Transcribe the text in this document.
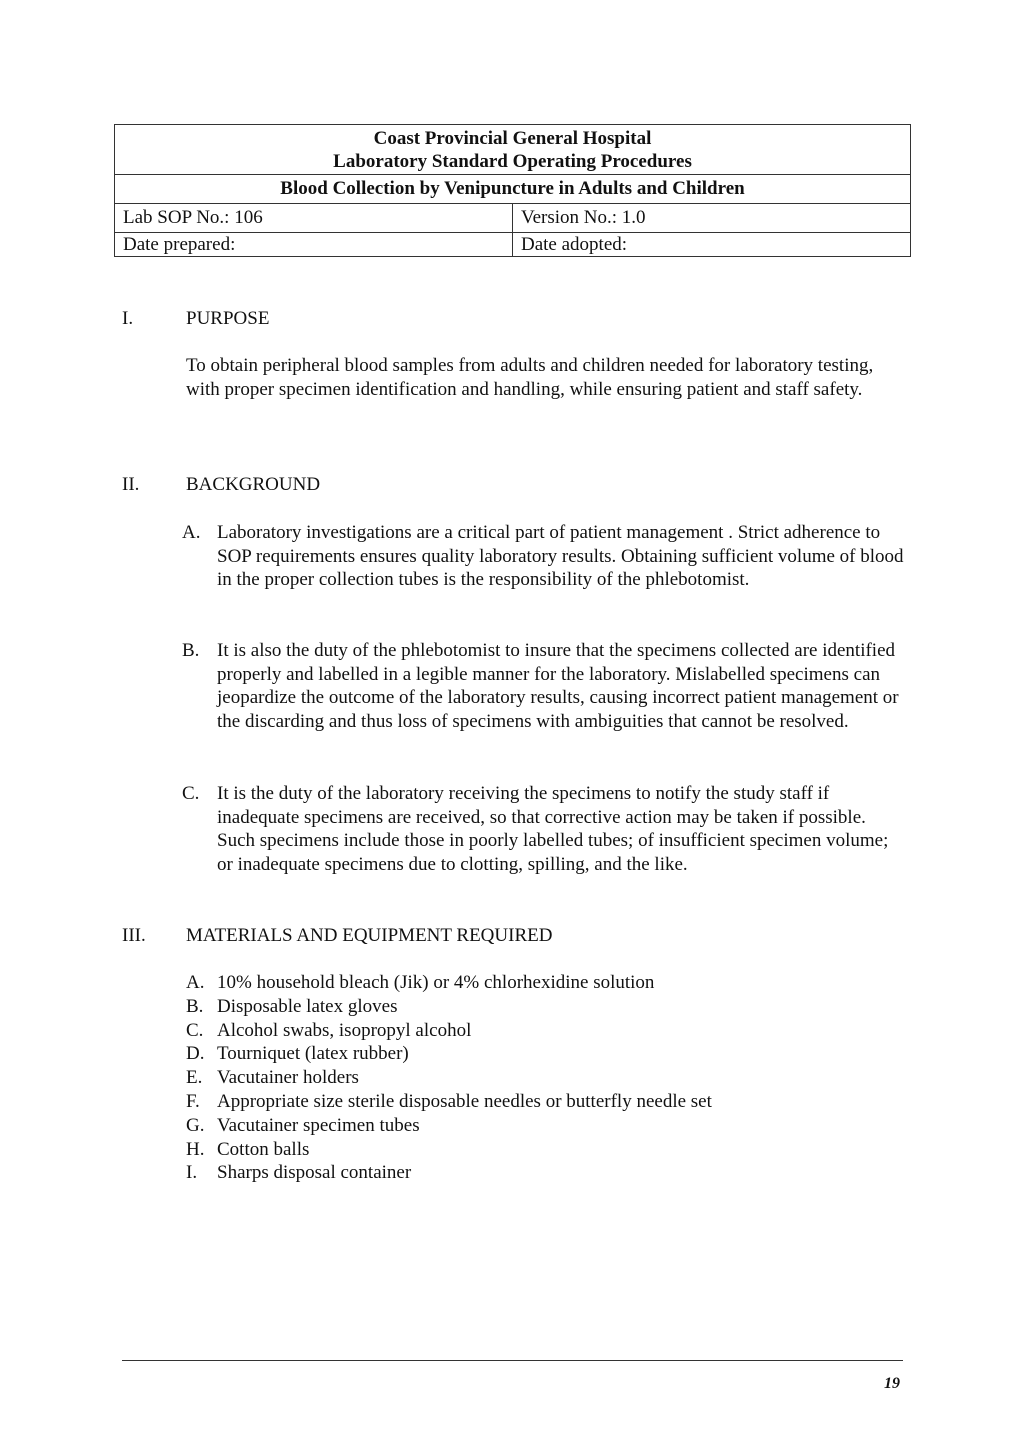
Coast Provincial General Hospital
Laboratory Standard Operating Procedures	

Blood Collection by Venipuncture in Adults and Children	
Lab SOP No.: 106	Version No.: 1.0
Date prepared:	Date adopted:
I.	PURPOSE
To obtain peripheral blood samples from adults and children needed for laboratory testing, with proper specimen identification and handling, while ensuring patient and staff safety.
II. BACKGROUND
A. Laboratory investigations are a critical part of patient management . Strict adherence to SOP requirements ensures quality laboratory results. Obtaining sufficient volume of blood in the proper collection tubes is the responsibility of the phlebotomist.
B. It is also the duty of the phlebotomist to insure that the specimens collected are identified properly and labelled in a legible manner for the laboratory. Mislabelled specimens can jeopardize the outcome of the laboratory results, causing incorrect patient management or the discarding and thus loss of specimens with ambiguities that cannot be resolved.
C. It is the duty of the laboratory receiving the specimens to notify the study staff if inadequate specimens are received, so that corrective action may be taken if possible. Such specimens include those in poorly labelled tubes; of insufficient specimen volume; or inadequate specimens due to clotting, spilling, and the like.
III. MATERIALS AND EQUIPMENT REQUIRED
A. 10% household bleach (Jik) or 4% chlorhexidine solution
B. Disposable latex gloves
C. Alcohol swabs, isopropyl alcohol
D. Tourniquet (latex rubber)
E. Vacutainer holders
F. Appropriate size sterile disposable needles or butterfly needle set
G. Vacutainer specimen tubes
H. Cotton balls
I. Sharps disposal container
19
